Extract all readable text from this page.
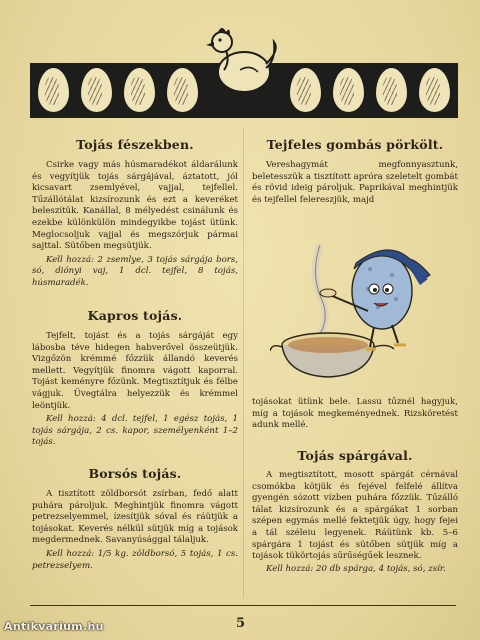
Tojás fészekben.

Csirke vagy más húsmaradékot áldarálunk és vegyítjük tojás sárgájával, áztatott, jól kicsavart zsemlyével, vajjal, tejfellel. Tűzállótálat kizsírozunk és ezt a keveréket beleszítük. Kanállal, 8 mélyedést csinálunk és ezekbe különkülön mindegyikbe tojást ütünk. Meglocsoljuk vajjal és megszórjuk pármai sajttal. Sütőben megsütjük.

Kell hozzá: 2 zsemlye, 3 tojás sárgája bors, só, diónyi vaj, 1 dcl. tejfel, 8 tojás, húsmaradék.

Kapros tojás.

Tejfelt, tojást és a tojás sárgáját egy lábosba téve hidegen habverővel összeütjük. Vizgőzön krémmé főzzük állandó keverés mellett. Vegyítjük finomra vágott kaporral. Tojást keményre főzünk. Megtisztítjuk és félbe vágjuk. Üvegtálra helyezzük és krémmel leöntjük.

Kell hozzá: 4 dcl. tejfel, 1 egész tojás, 1 tojás sárgája, 2 cs. kapor, személyenként 1–2 tojás.

Borsós tojás.

A tisztított zöldborsót zsírban, fedő alatt puhára pároljuk. Meghintjük finomra vágott petrezselyemmel, ízesítjük sóval és ráütjük a tojásokat. Keverés nélkül sütjük míg a tojások megdermednek. Savanyúsággal tálaljuk.

Kell hozzá: 1/5 kg. zöldborsó, 5 tojás, 1 cs. petrezselyem.

Tejfeles gombás pörkölt.

Vereshagymát megfonnyasztunk, beletesszük a tisztított apróra szeletelt gombát és rövid ideig pároljuk. Paprikával meghintjük és tejfellel felereszjük, majd

tojásokat ütünk bele. Lassu tűznél hagyjuk, míg a tojások megkeményednek. Rizsköretést adunk mellé.

Tojás spárgával.

A megtisztított, mosott spárgát cérnával csomókba kötjük és fejével felfelé állítva gyengén sózott vízben puhára főzzük. Tűzálló tálat kizsírozunk és a spárgákat 1 sorban szépen egymás mellé fektetjük úgy, hogy fejei a tál széleiu legyenek. Ráütünk kb. 5–6 spárgára 1 tojást és sütőben sütjük míg a tojások tükörtojás sűrűségűek lesznek.

Kell hozzá: 20 db spárga, 4 tojás, só, zsír.

5
Antikvarium.hu
